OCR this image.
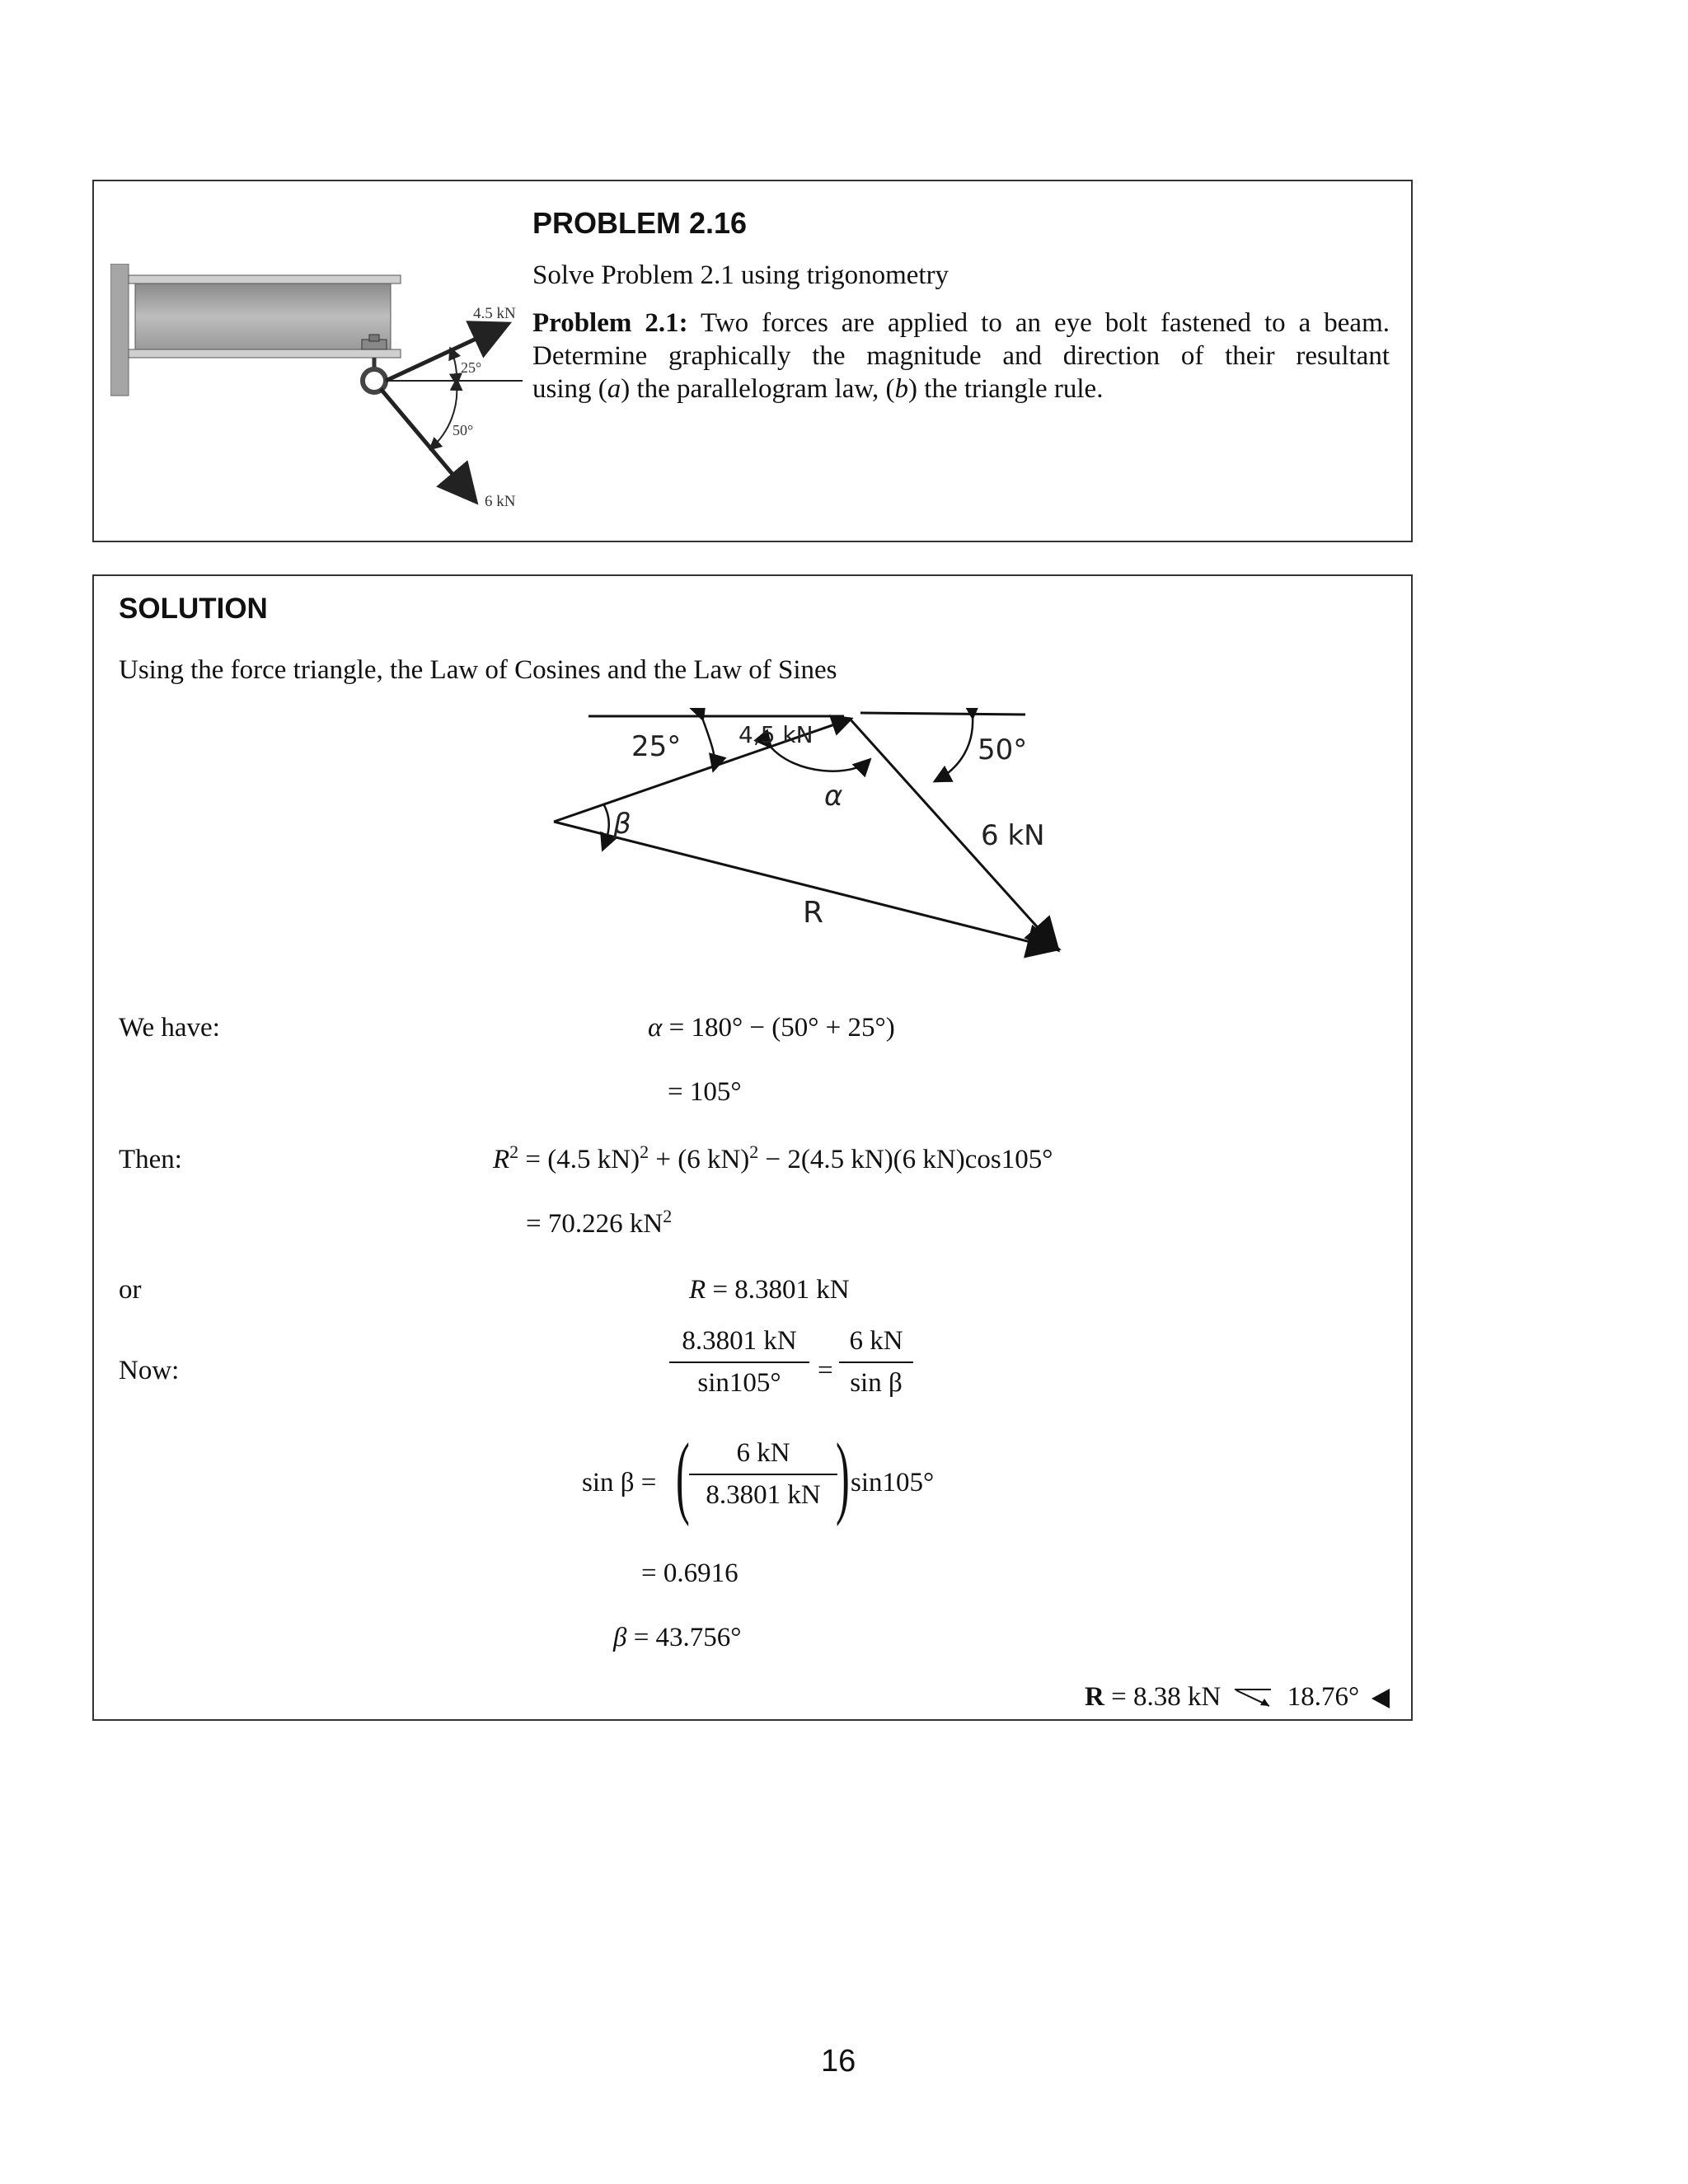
4.5 kN
25°
50°
6 kN
PROBLEM 2.16
Solve Problem 2.1 using trigonometry
Problem 2.1: Two forces are applied to an eye bolt fastened to a beam.
Determine graphically the magnitude and direction of their resultant
using (a) the parallelogram law, (b) the triangle rule.
SOLUTION
Using the force triangle, the Law of Cosines and the Law of Sines
25° 4,5 kN	50°
α
β	6 kN
R
We have:
Then:
or
Now:
α = 180° − (50° + 25°)
= 105°
$R^2 = (4.5$ kN)$^2$ + (6 kN)$^2$ − 2(4.5 kN)(6 kN)cos105°
= 70.226 $kN^2$
R = 8.3801 kN
8.3801 kN
sin105°	=
6 kN
sin β
sin β = (	6 kN
8.3801 kN ) sin105°
= 0.6916
β = 43.756°
R = 8.38 kN 18.76°
16
